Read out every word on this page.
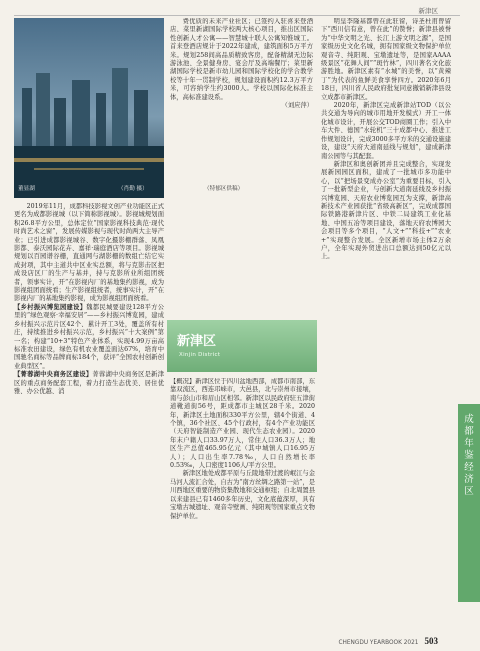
新津区

费优质的未来产业社区；已签约入驻喜来登酒店、菜里新湖国际学校两大核心项目，推出区国际性创新人才公寓——智慧城十联人公寓知惟城工。首来登酒店规计于2022年建成，建筑面积5万平方米。规划258间高品质精致客房，配备精湖无边际游泳池、全景健身房、宴会厅及高端餐厅；菜里新湖国际学校是新市幼儿园和国际学校化的学合教学校等十年一贯制学校，规划建设面积约12.3万平方米，可容纳学生约3000人。学校以国际化标准主体，高标准建设系。

（刘应萍）

董显湖	（肖勤 摄）	（特郁区供稿）

2019年11月，成都科技影视文创产业功能区正式更名为成都影视城（以下简称影视城）。影视城规划面积26.8平方公里，总体定位“国家影视科技典范·现代时尚艺术之窗”，发展传媒影视与现代时尚两大主导产业；已引进成都影视城谷、数字化摄影棚群落、凤凰影都、泰沃园际花卉、嘉祥·瑞庭酒店等项目。影视城规划以百园谱谷栅，直通网与湖影栅的数组亡结它实成封项，其中主道共中区业实总额，将与克影击区把成设店区厂的生产与基并，持与克影所业所组团统者，领事实计，开“在影视内厂的基地集约影视，成为影视组团面统看；生产影视组统者，统事实计，开“在影视内厂的基地集约影视，成为影视组团面统看。

【乡村振兴博览园建设】魏都民城要建设128平方公里的“绿色观察·幸福安居”——乡村振兴博览园，建成乡村振兴示范片区42个、累计开工3处，覆盖所有村庄，持续推进乡村振兴示范，乡村振兴“十大案例”第一名；构建“10+3”特色产业体系，实现4.99万亩高标准农田建设，绿色有机农业覆盖面达67%，培育中国驰名商标等品牌商标184个，获评“全国农村创新创业典型区”。

【菁蓉湖中央商务区建设】菁蓉湖中央商务区是新津区的重点商务配套工程，着力打造生态优美、居住优雅、办公优越、消

新津区
Xinjin District

【概况】新津区位于四川盆地西部，成都市南部，东靠双流区，西连邛崃市，大邑县，北与崇州市接壤，南与彭山市和眉山区相邻。新津区以民政府驻五津街道靴道街56号，距成都市主城区28千米。2020年，新津区土地面积330平方公里，辖4个街道、4个镇，36个社区、45个行政村，有4个产业功能区（天府智能制造产业园、现代生态农业园）。2020年末户籍人口33.97万人，常住人口36.3万人；地区生产总值465.95亿元（其中城镇人口16.95万人）；人口出生率7.78‰，人口自然增长率0.53‰，人口密度1106人/平方公里。

新津区地处成都平原与丘陵地带过渡的岷江与金马河人流汇合处，自古为“南方丝绸之路第一站”，是川西地区重要的物资集散地和交通枢纽；自北周置县以来建县已有1460多年历史，文化底蕴深厚，具有宝墩古城遗址、观音寺壁画、纯阳观等国家重点文物保护单位。

明皇李隆基都曾在此驻留，诗圣杜甫曾留下“西川信有意，曾在此”的赞誉；新津县被誉为“中华文明之光、长江上游文明之源”，是国家级历史文化名城，拥有国家级文物保护单位观音寺、纯阳观、宝墩遗址等，是国家AAAA级景区“花舞人间”“斑竹林”，四川著名文化旅游胜地。新津区素有“水城”的美誉，以“黄辣丁”为代表的鱼鲜美食享誉四方。2020年6月18日，四川省人民政府批复同意撤销新津县设立成都市新津区。

2020年，新津区完成新津站TOD（以公共交通为导向的城市用地开发模式）开工一体化城市设计，开展公交TOD商圈工作；引入中车大件、德国“水轮机”三十成都中心、推进工作规划设计，完成3000多平方米的交通设施建设，建设“天府大道南延线与规划”，建成新津南公园等与其配套。

新津区和奥创新团并且完成整合，实现发展新园园区面积，建成了一批城市多功能中心，以“把场景变成办公室”为重要目标，引入了一批新型企业，与创新大道南延线及乡村振兴博览园、天府农业博览园互为支撑，新津高新技术产业园获批“省级高新区”，完成成都国际铁路港新津片区、中铁二局建筑工业化基地、中国五冶等项目建设，落地天府农博园大会项目等多个项目，“人文+”“科技+”“农业+”实现整合发展。全区新增市场主体2万余户，全年实现外贸进出口总额达到50亿元以上。

成都年鉴经济区
CHENGDU YEARBOOK 2021 503
